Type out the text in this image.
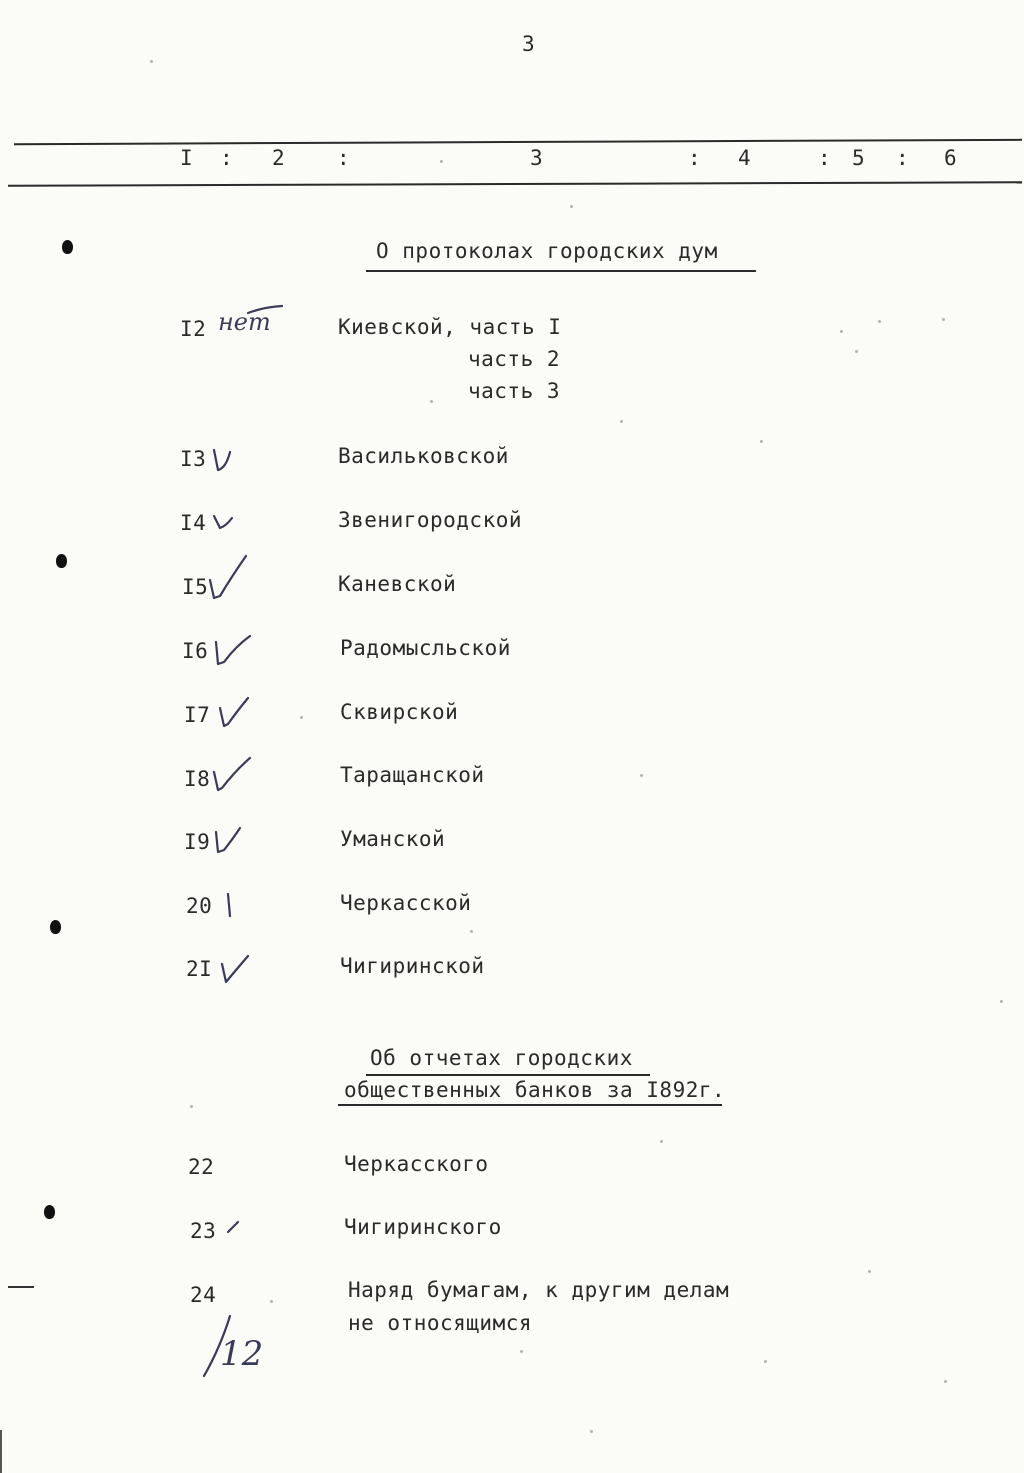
3
I : 2 :	3	: 4	: 5 : 6
О протоколах городских дум
I2 нет	Киевской, часть I
часть 2
часть 3
I3	Васильковской
I4	Звенигородской
I5	Каневской
I6	Радомысльской
I7	Сквирской
I8	Таращанской
I9	Уманской
20	Черкасской
2I	Чигиринской
Об отчетах городских
общественных банков за I892г.
22	Черкасского
23	Чигиринского
24	Наряд бумагам, к другим делам
не относящимся
12
